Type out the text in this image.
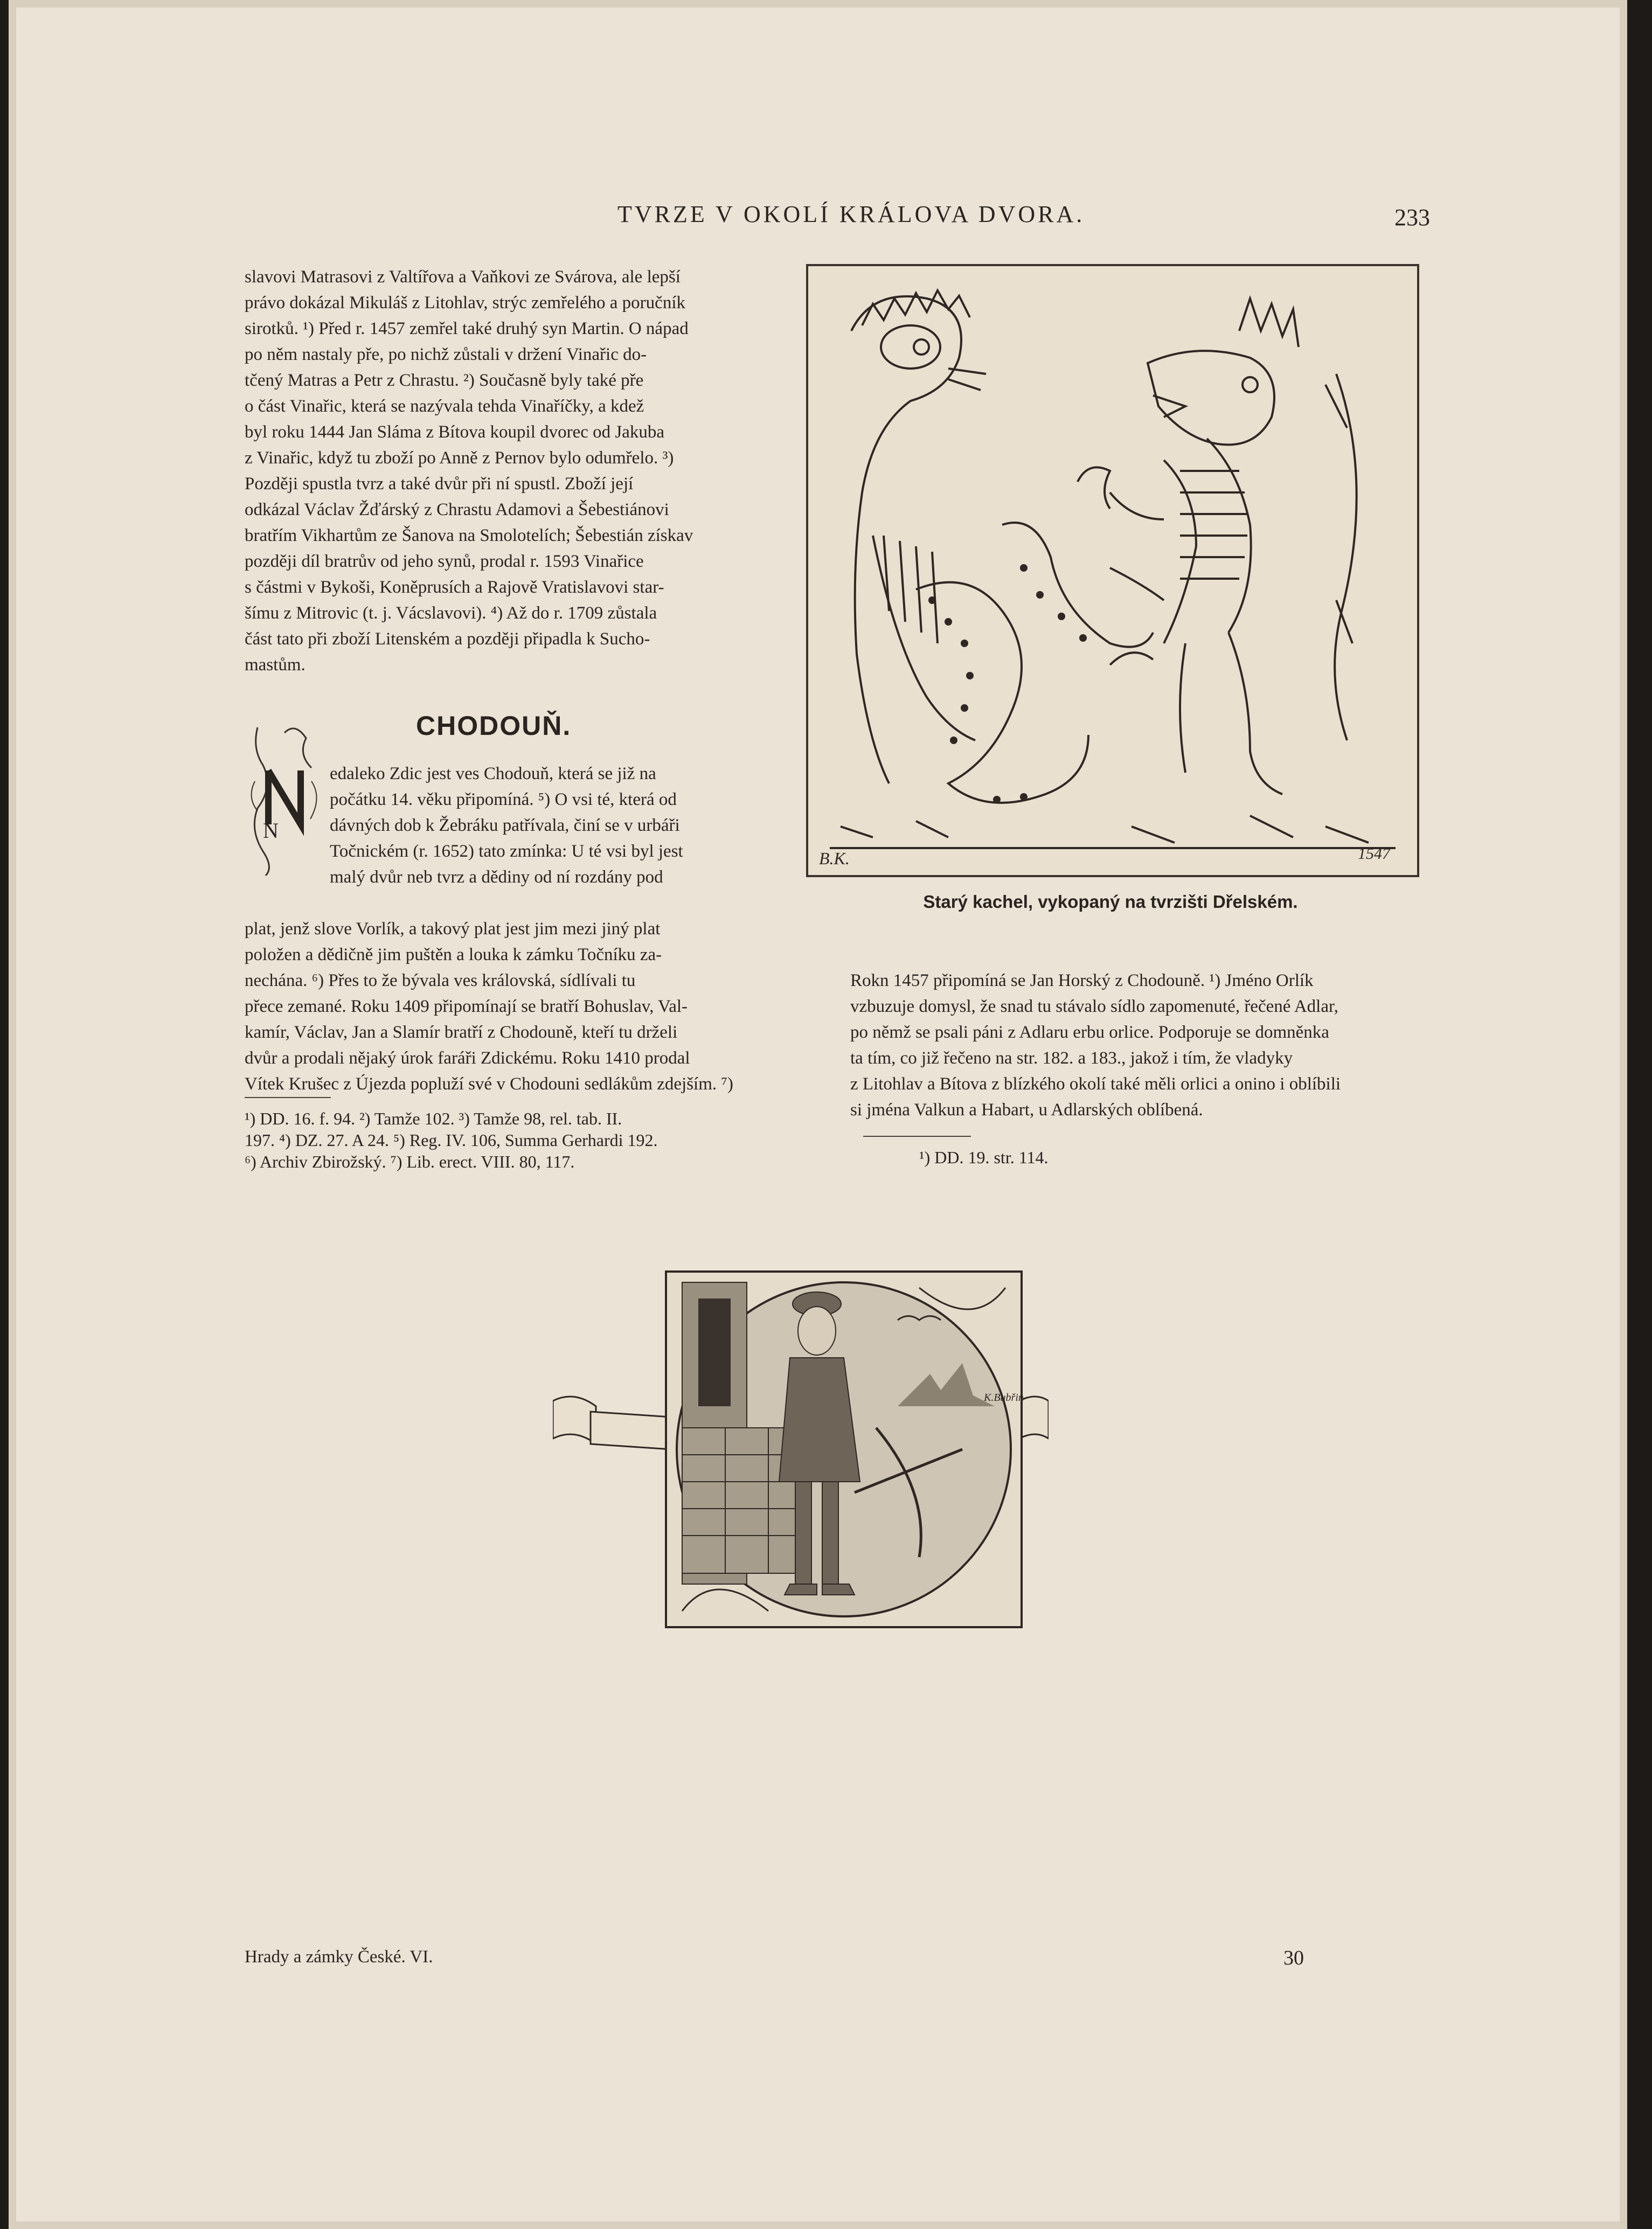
TVRZE V OKOLÍ KRÁLOVA DVORA.	233

slavovi Matrasovi z Valtířova a Vaňkovi ze Svárova, ale lepší

právo dokázal Mikuláš z Litohlav, strýc zemřelého a poručník

sirotků. ¹) Před r. 1457 zemřel také druhý syn Martin. O nápad

po něm nastaly pře, po nichž zůstali v držení Vinařic do-

tčený Matras a Petr z Chrastu. ²) Současně byly také pře

o část Vinařic, která se nazývala tehda Vinaříčky, a kdež

byl roku 1444 Jan Sláma z Bítova koupil dvorec od Jakuba

z Vinařic, když tu zboží po Anně z Pernov bylo odumřelo. ³)

Později spustla tvrz a také dvůr při ní spustl. Zboží její

odkázal Václav Žďárský z Chrastu Adamovi a Šebestiánovi

bratřím Vikhartům ze Šanova na Smolotelích; Šebestián získav

později díl bratrův od jeho synů, prodal r. 1593 Vinařice

s částmi v Bykoši, Koněprusích a Rajově Vratislavovi star-

šímu z Mitrovic (t. j. Vácslavovi). ⁴) Až do r. 1709 zůstala

část tato při zboží Litenském a později připadla k Sucho-

mastům.

CHODOUŇ.
N

edaleko Zdic jest ves Chodouň, která se již na

počátku 14. věku připomíná. ⁵) O vsi té, která od

dávných dob k Žebráku patřívala, činí se v urbáři

Točnickém (r. 1652) tato zmínka: U té vsi byl jest

malý dvůr neb tvrz a dědiny od ní rozdány pod

plat, jenž slove Vorlík, a takový plat jest jim mezi jiný plat

položen a dědičně jim puštěn a louka k zámku Točníku za-

nechána. ⁶) Přes to že bývala ves královská, sídlívali tu

přece zemané. Roku 1409 připomínají se bratří Bohuslav, Val-

kamír, Václav, Jan a Slamír bratří z Chodouně, kteří tu drželi

dvůr a prodali nějaký úrok faráři Zdickému. Roku 1410 prodal

Vítek Krušec z Újezda popluží své v Chodouni sedlákům zdejším. ⁷)

¹) DD. 16. f. 94. ²) Tamže 102. ³) Tamže 98, rel. tab. II.
197. ⁴) DZ. 27. A 24. ⁵) Reg. IV. 106, Summa Gerhardi 192.
⁶) Archiv Zbirožský. ⁷) Lib. erect. VIII. 80, 117.
B.K.	1547
Starý kachel, vykopaný na tvrzišti Dřelském.

Rokn 1457 připomíná se Jan Horský z Chodouně. ¹) Jméno Orlík

vzbuzuje domysl, že snad tu stávalo sídlo zapomenuté, řečené Adlar,

po němž se psali páni z Adlaru erbu orlice. Podporuje se domněnka

ta tím, co již řečeno na str. 182. a 183., jakož i tím, že vladyky

z Litohlav a Bítova z blízkého okolí také měli orlici a onino i oblíbili

si jména Valkun a Habart, u Adlarských oblíbená.

¹) DD. 19. str. 114.
K.Bubřin
Hrady a zámky České. VI.	30
